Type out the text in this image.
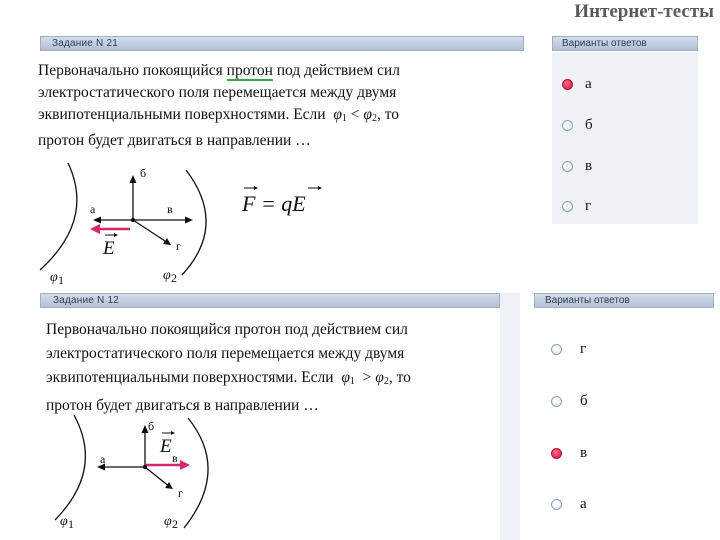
Интернет-тесты
Задание N 21	Варианты ответов
Первоначально покоящийся протон под действием сил
электростатического поля перемещается между двумя
эквипотенциальными поверхностями. Если $\varphi_1 < \varphi_2$, то
протон будет двигаться в направлении …
б
а	в
г
E
φ 1	φ 2
F = qE
а
б
в
г
Задание N 12	Варианты ответов
Первоначально покоящийся протон под действием сил
электростатического поля перемещается между двумя
эквипотенциальными поверхностями. Если $\varphi_1 > \varphi_2$, то
протон будет двигаться в направлении …
б
а	в
г
E
φ 1	φ 2
г
б
в
а
